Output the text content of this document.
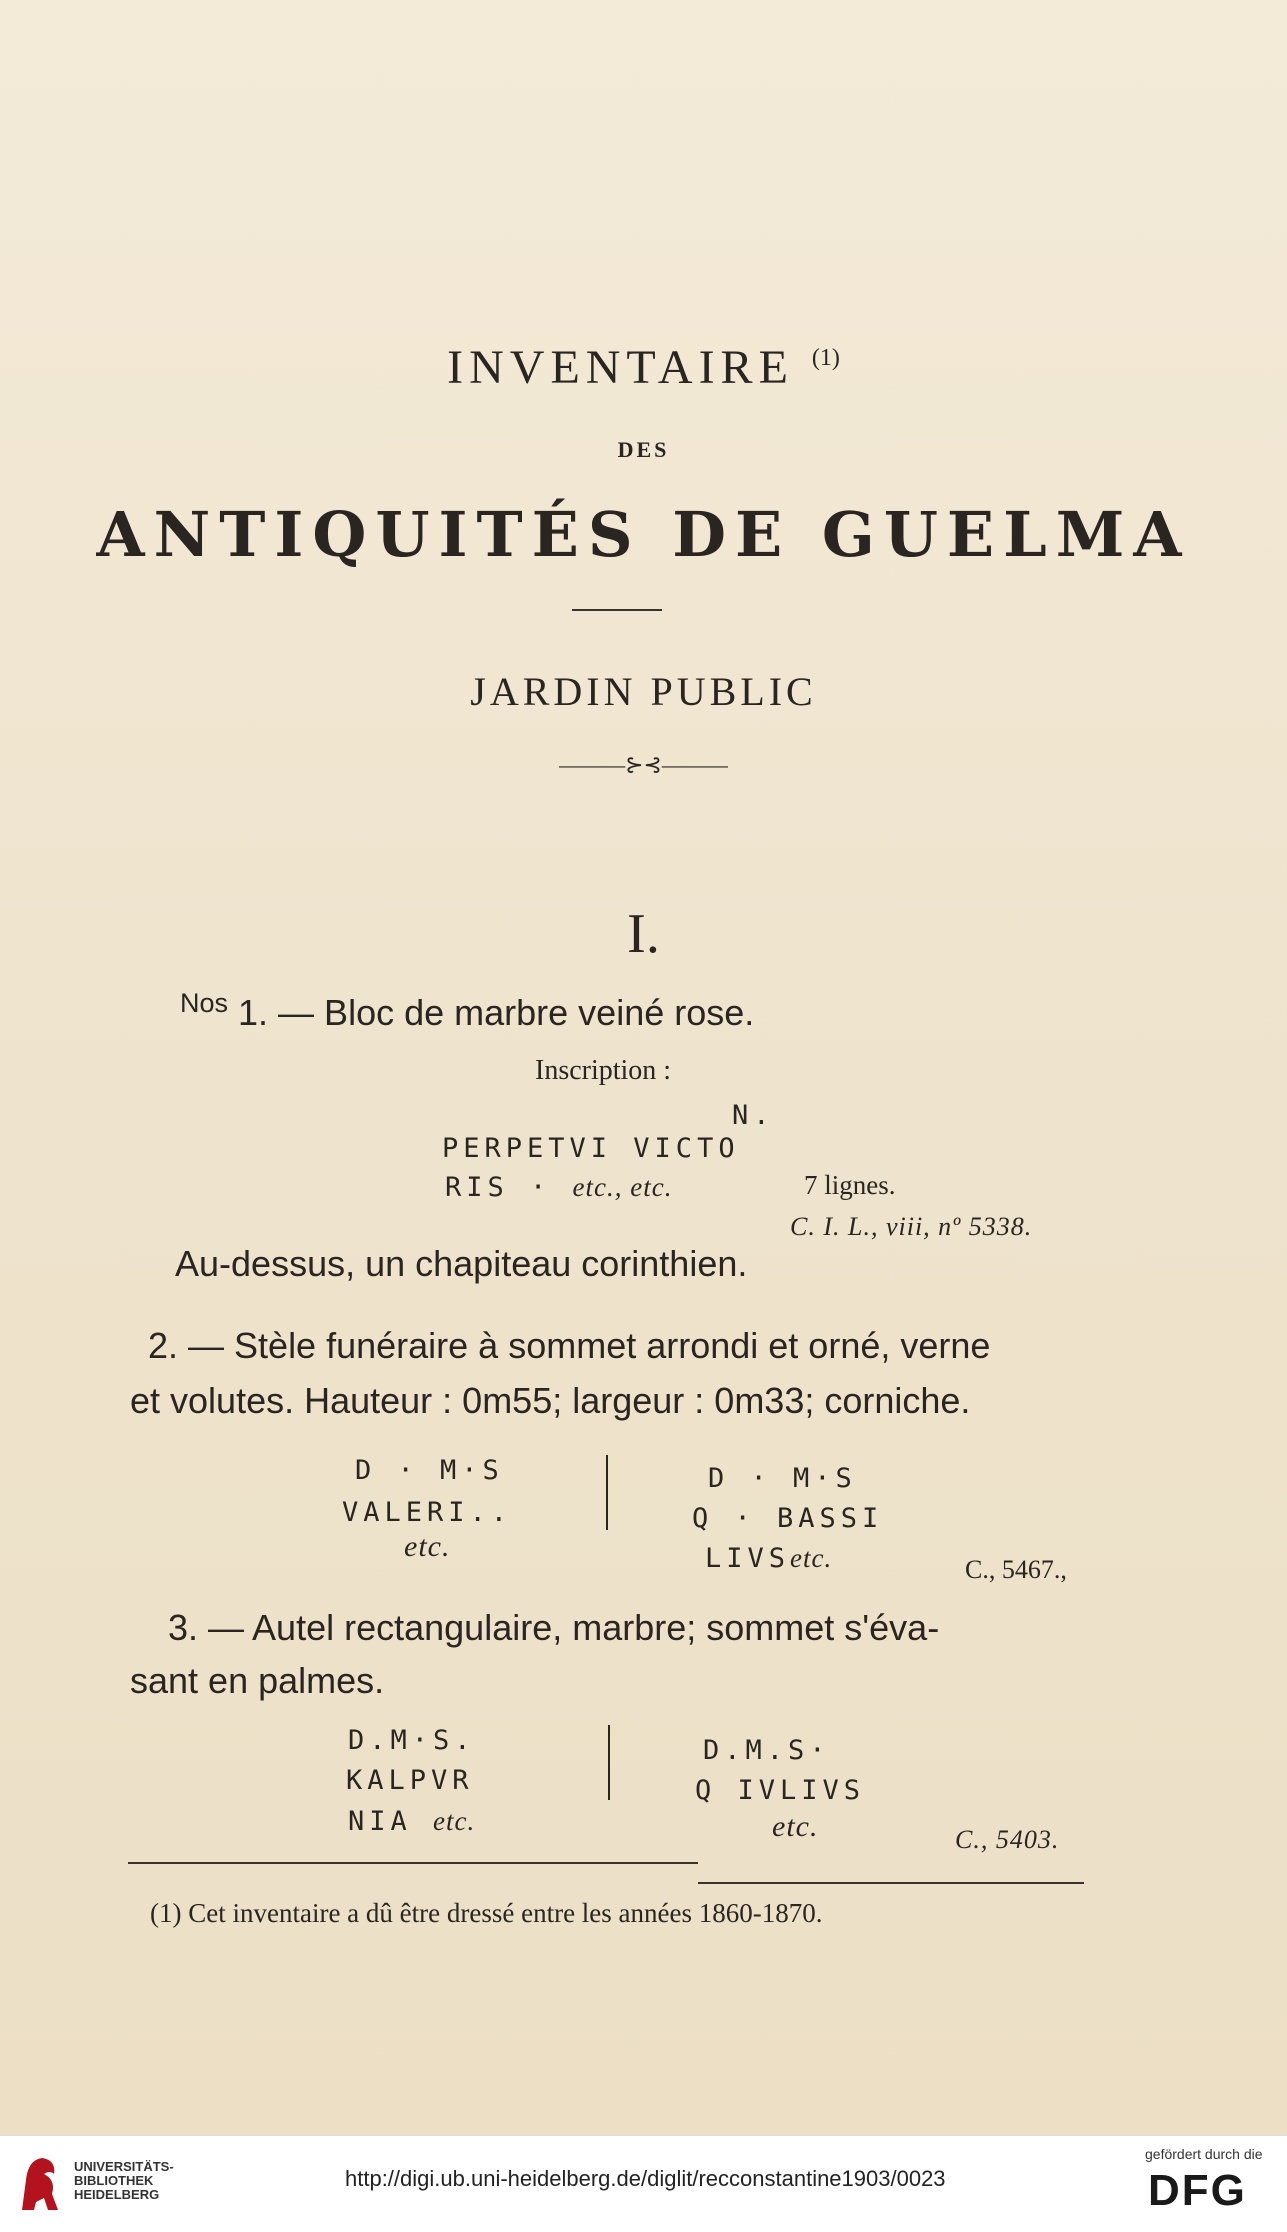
INVENTAIRE $^{(1)}$
DES
ANTIQUITÉS DE GUELMA
JARDIN PUBLIC
———⊱⊰———
I.
$^{Nos}$ 1. — Bloc de marbre veiné rose.
Inscription :
N.
PERPETVI VICTO
RIS · etc., etc.	7 lignes.
C. I. L., viii, nº 5338.
Au-dessus, un chapiteau corinthien.
2. — Stèle funéraire à sommet arrondi et orné, verne
et volutes. Hauteur : 0m55; largeur : 0m33; corniche.
D · M·S
VALERI..
etc.
D · M·S
Q · BASSI
LIVSetc.	C., 5467.,
3. — Autel rectangulaire, marbre; sommet s'éva-
sant en palmes.
D.M·S.
KALPVR
NIA etc.
D.M.S·
Q IVLIVS
etc.	C., 5403.
(1) Cet inventaire a dû être dressé entre les années 1860-1870.
UNIVERSITÄTS-
BIBLIOTHEK
HEIDELBERG
http://digi.ub.uni-heidelberg.de/diglit/recconstantine1903/0023
gefördert durch die
DFG
